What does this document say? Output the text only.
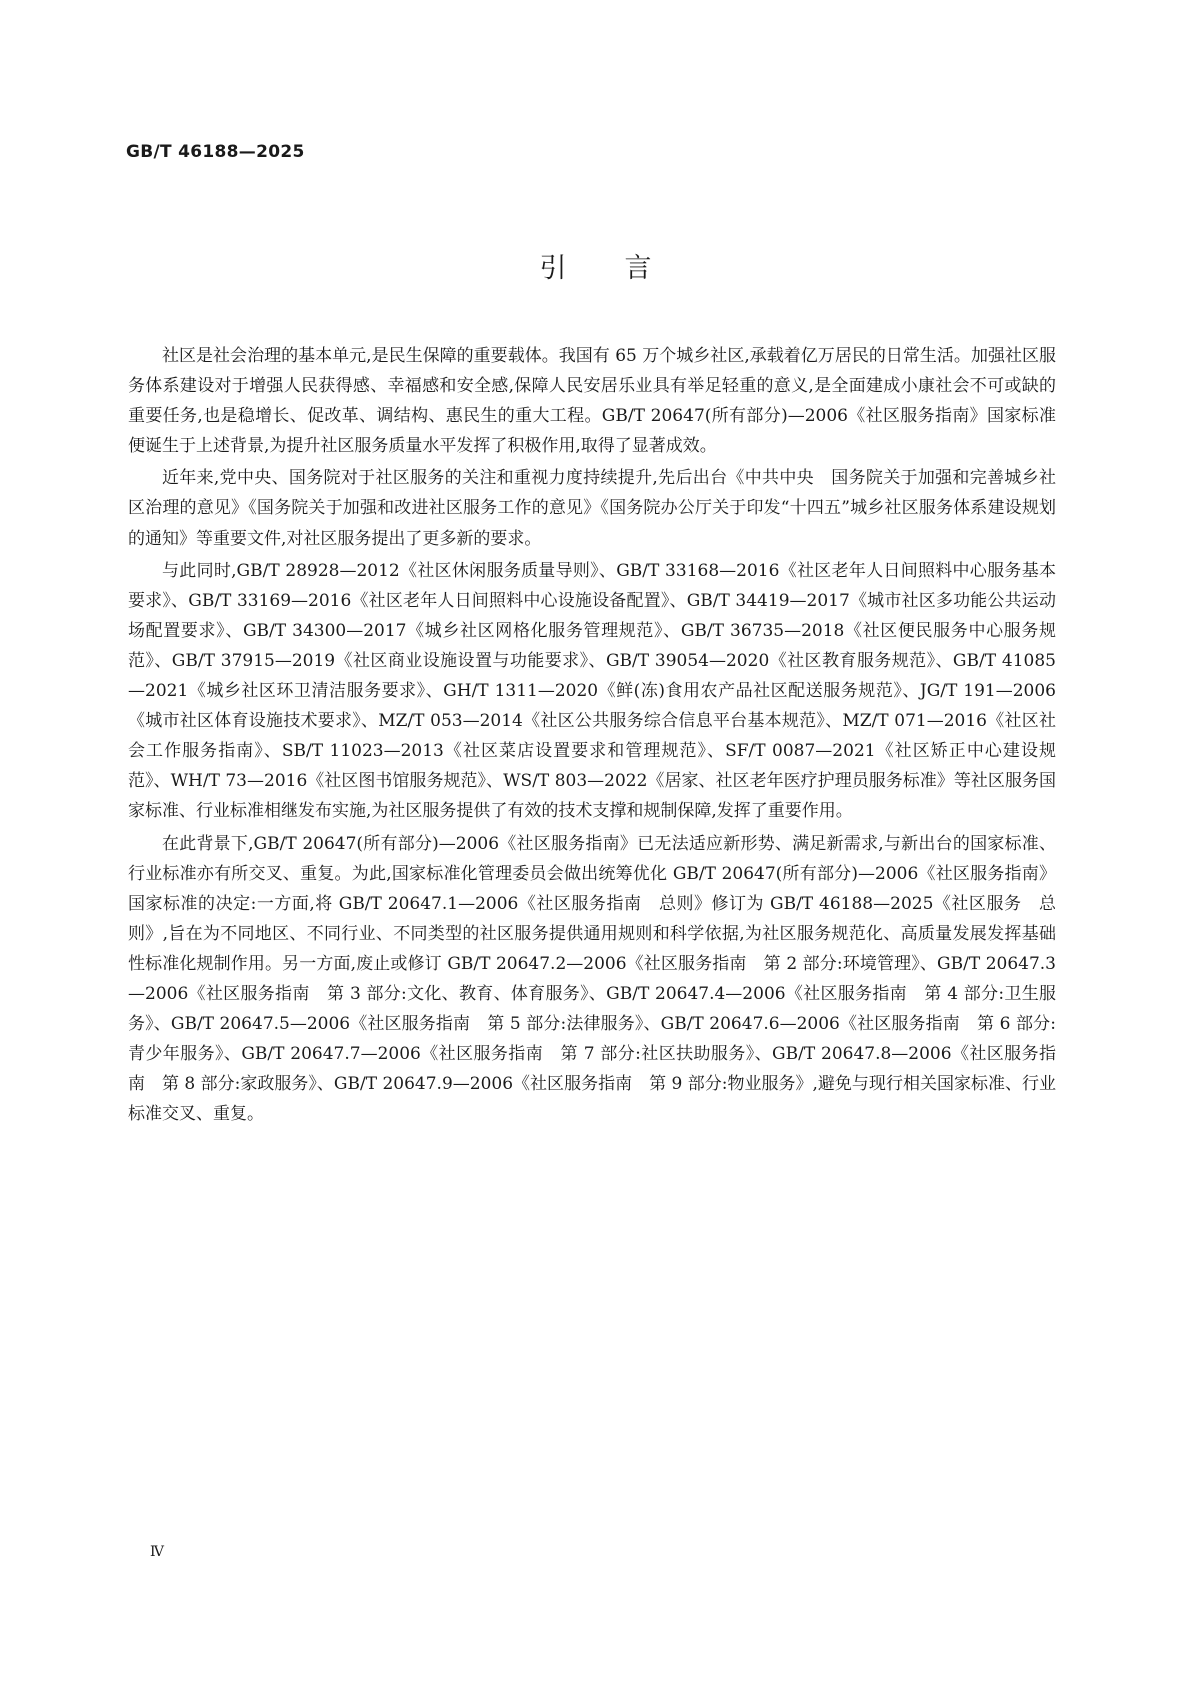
GB/T 46188—2025
引言

社区是社会治理的基本单元,是民生保障的重要载体。我国有 65 万个城乡社区,承载着亿万居民的日常生活。加强社区服务体系建设对于增强人民获得感、幸福感和安全感,保障人民安居乐业具有举足轻重的意义,是全面建成小康社会不可或缺的重要任务,也是稳增长、促改革、调结构、惠民生的重大工程。GB/T 20647(所有部分)—2006《社区服务指南》国家标准便诞生于上述背景,为提升社区服务质量水平发挥了积极作用,取得了显著成效。

近年来,党中央、国务院对于社区服务的关注和重视力度持续提升,先后出台《中共中央　国务院关于加强和完善城乡社区治理的意见》《国务院关于加强和改进社区服务工作的意见》《国务院办公厅关于印发“十四五”城乡社区服务体系建设规划的通知》等重要文件,对社区服务提出了更多新的要求。

与此同时,GB/T 28928—2012《社区休闲服务质量导则》、GB/T 33168—2016《社区老年人日间照料中心服务基本要求》、GB/T 33169—2016《社区老年人日间照料中心设施设备配置》、GB/T 34419—2017《城市社区多功能公共运动场配置要求》、GB/T 34300—2017《城乡社区网格化服务管理规范》、GB/T 36735—2018《社区便民服务中心服务规范》、GB/T 37915—2019《社区商业设施设置与功能要求》、GB/T 39054—2020《社区教育服务规范》、GB/T 41085—2021《城乡社区环卫清洁服务要求》、GH/T 1311—2020《鲜(冻)食用农产品社区配送服务规范》、JG/T 191—2006《城市社区体育设施技术要求》、MZ/T 053—2014《社区公共服务综合信息平台基本规范》、MZ/T 071—2016《社区社会工作服务指南》、SB/T 11023—2013《社区菜店设置要求和管理规范》、SF/T 0087—2021《社区矫正中心建设规范》、WH/T 73—2016《社区图书馆服务规范》、WS/T 803—2022《居家、社区老年医疗护理员服务标准》等社区服务国家标准、行业标准相继发布实施,为社区服务提供了有效的技术支撑和规制保障,发挥了重要作用。

在此背景下,GB/T 20647(所有部分)—2006《社区服务指南》已无法适应新形势、满足新需求,与新出台的国家标准、行业标准亦有所交叉、重复。为此,国家标准化管理委员会做出统筹优化 GB/T 20647(所有部分)—2006《社区服务指南》国家标准的决定:一方面,将 GB/T 20647.1—2006《社区服务指南　总则》修订为 GB/T 46188—2025《社区服务　总则》,旨在为不同地区、不同行业、不同类型的社区服务提供通用规则和科学依据,为社区服务规范化、高质量发展发挥基础性标准化规制作用。另一方面,废止或修订 GB/T 20647.2—2006《社区服务指南　第 2 部分:环境管理》、GB/T 20647.3—2006《社区服务指南　第 3 部分:文化、教育、体育服务》、GB/T 20647.4—2006《社区服务指南　第 4 部分:卫生服务》、GB/T 20647.5—2006《社区服务指南　第 5 部分:法律服务》、GB/T 20647.6—2006《社区服务指南　第 6 部分:青少年服务》、GB/T 20647.7—2006《社区服务指南　第 7 部分:社区扶助服务》、GB/T 20647.8—2006《社区服务指南　第 8 部分:家政服务》、GB/T 20647.9—2006《社区服务指南　第 9 部分:物业服务》,避免与现行相关国家标准、行业标准交叉、重复。

Ⅳ
